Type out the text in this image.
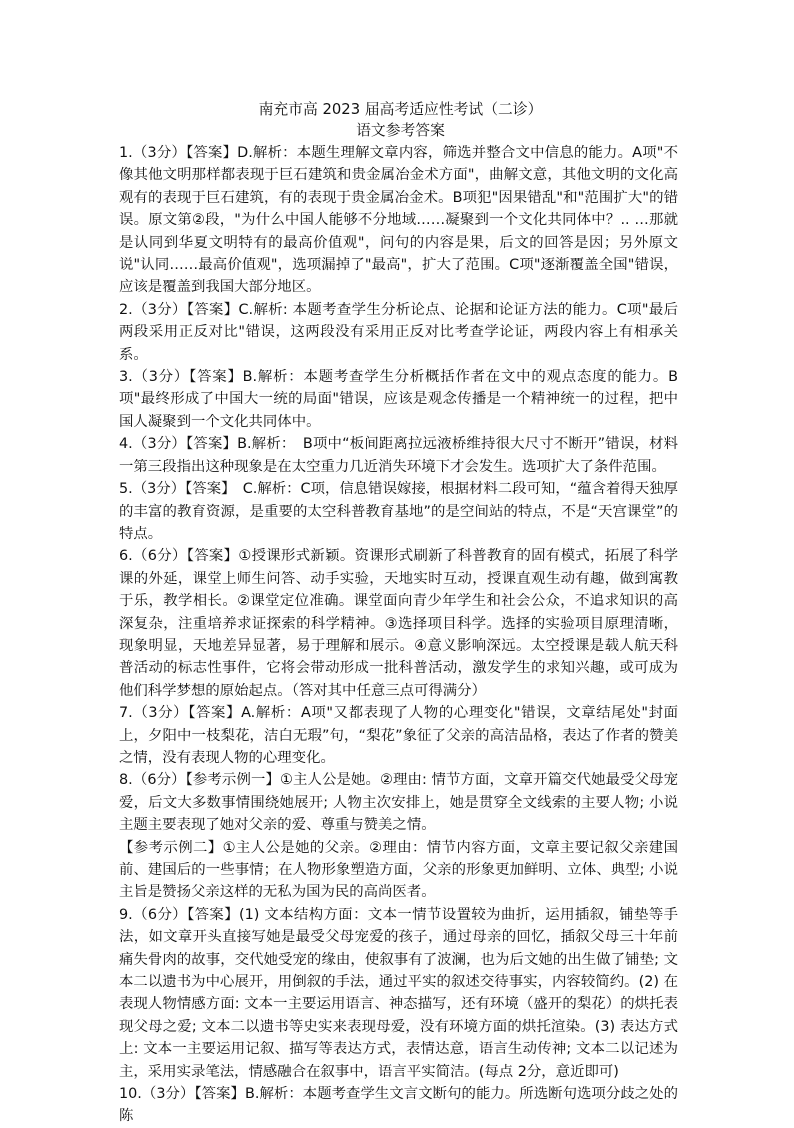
南充市高 2023 届高考适应性考试（二诊）
语文参考答案

1.（3分）【答案】D.解析：本题生理解文章内容，筛选并整合文中信息的能力。A项"不像其他文明那样都表现于巨石建筑和贵金属冶金术方面"，曲解文意，其他文明的文化高观有的表现于巨石建筑，有的表现于贵金属冶金术。B项犯"因果错乱"和"范围扩大"的错误。原文第②段，"为什么中国人能够不分地域……凝聚到一个文化共同体中？.. …那就是认同到华夏文明特有的最高价值观"，问句的内容是果，后文的回答是因；另外原文说"认同……最高价值观"，选项漏掉了"最高"，扩大了范围。C项"逐渐覆盖全国"错误，应该是覆盖到我国大部分地区。

2.（3分）【答案】C.解析: 本题考查学生分析论点、论据和论证方法的能力。C项"最后两段采用正反对比"错误，这两段没有采用正反对比考查学论证，两段内容上有相承关系。

3.（3分）【答案】B.解析：本题考查学生分析概括作者在文中的观点态度的能力。B项"最终形成了中国大一统的局面"错误，应该是观念传播是一个精神统一的过程，把中国人凝聚到一个文化共同体中。

4.（3分）【答案】B.解析：　B项中“板间距离拉远液桥维持很大尺寸不断开”错误，材料一第三段指出这种现象是在太空重力几近消失环境下才会发生。选项扩大了条件范围。

5.（3分）【答案】　C.解析：C项，信息错误嫁接，根据材料二段可知，“蕴含着得天独厚的丰富的教育资源，是重要的太空科普教育基地”的是空间站的特点，不是“天宫课堂”的特点。

6.（6分）【答案】①授课形式新颖。资课形式刷新了科普教育的固有模式，拓展了科学课的外延，课堂上师生问答、动手实验，天地实时互动，授课直观生动有趣，做到寓教于乐，教学相长。②课堂定位准确。课堂面向青少年学生和社会公众，不追求知识的高深复杂，注重培养求证探索的科学精神。③选择项目科学。选择的实验项目原理清晰，现象明显，天地差异显著，易于理解和展示。④意义影响深远。太空授课是载人航天科普活动的标志性事件，它将会带动形成一批科普活动，激发学生的求知兴趣，或可成为他们科学梦想的原始起点。（答对其中任意三点可得满分）

7.（3分）【答案】A.解析：A项"又都表现了人物的心理变化"错误，文章结尾处"封面上，夕阳中一枝梨花，洁白无瑕”句，“梨花”象征了父亲的高洁品格，表达了作者的赞美之情，没有表现人物的心理变化。

8.（6分）【参考示例一】①主人公是她。②理由: 情节方面，文章开篇交代她最受父母宠爱，后文大多数事情围绕她展开; 人物主次安排上，她是贯穿全文线索的主要人物; 小说主题主要表现了她对父亲的爱、尊重与赞美之情。

【参考示例二】①主人公是她的父亲。②理由：情节内容方面，文章主要记叙父亲建国前、建国后的一些事情；在人物形象塑造方面，父亲的形象更加鲜明、立体、典型; 小说主旨是赞扬父亲这样的无私为国为民的高尚医者。

9.（6分）【答案】(1) 文本结构方面：文本一情节设置较为曲折，运用插叙，铺垫等手法，如文章开头直接写她是最受父母宠爱的孩子，通过母亲的回忆，插叙父母三十年前痛失骨肉的故事，交代她受宠的缘由，使叙事有了波澜，也为后文她的出生做了铺垫; 文本二以遗书为中心展开，用倒叙的手法，通过平实的叙述交待事实，内容较简约。(2) 在表现人物情感方面: 文本一主要运用语言、神态描写，还有环境（盛开的梨花）的烘托表现父母之爱; 文本二以遗书等史实来表现母爱，没有环境方面的烘托渲染。(3) 表达方式上: 文本一主要运用记叙、描写等表达方式，表情达意，语言生动传神; 文本二以记述为主，采用实录笔法，情感融合在叙事中，语言平实简洁。(每点 2分，意近即可)

10.（3分）【答案】B.解析：本题考查学生文言文断句的能力。所选断句选项分歧之处的陈
